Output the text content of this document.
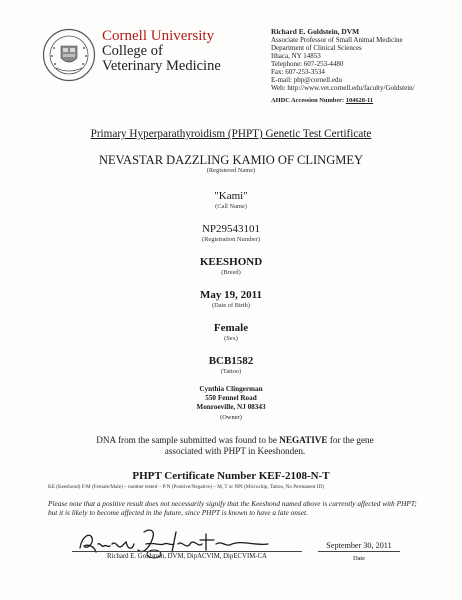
Cornell University
College of
Veterinary Medicine
Richard E. Goldstein, DVM
Associate Professor of Small Animal Medicine
Department of Clinical Sciences
Ithaca, NY 14853
Telephone: 607-253-4480
Fax: 607-253-3534
E-mail: pbp@cornell.edu
Web: http://www.vet.cornell.edu/faculty/Goldstein/
AHDC Accession Number: 104628-11
Primary Hyperparathyroidism (PHPT) Genetic Test Certificate
NEVASTAR DAZZLING KAMIO OF CLINGMEY
(Registered Name)
"Kami"
(Call Name)
NP29543101
(Registration Number)
KEESHOND
(Breed)
May 19, 2011
(Date of Birth)
Female
(Sex)
BCB1582
(Tattoo)
Cynthia Clingerman
550 Fennel Road
Monroeville, NJ 08343
(Owner)
DNA from the sample submitted was found to be NEGATIVE for the gene associated with PHPT in Keeshonden.
PHPT Certificate Number KEF-2108-N-T
KE (Keeshond) F/M (Female/Male) – number tested – P/N (Positive/Negative) – M, T or NPI (Microchip, Tattoo, No Permanent ID)
Please note that a positive result does not necessarily signify that the Keeshond named above is currently affected with PHPT; but it is likely to become affected in the future, since PHPT is known to have a late onset.
Richard E. Goldstein, DVM, DipACVIM, DipECVIM-CA
September 30, 2011
Date
